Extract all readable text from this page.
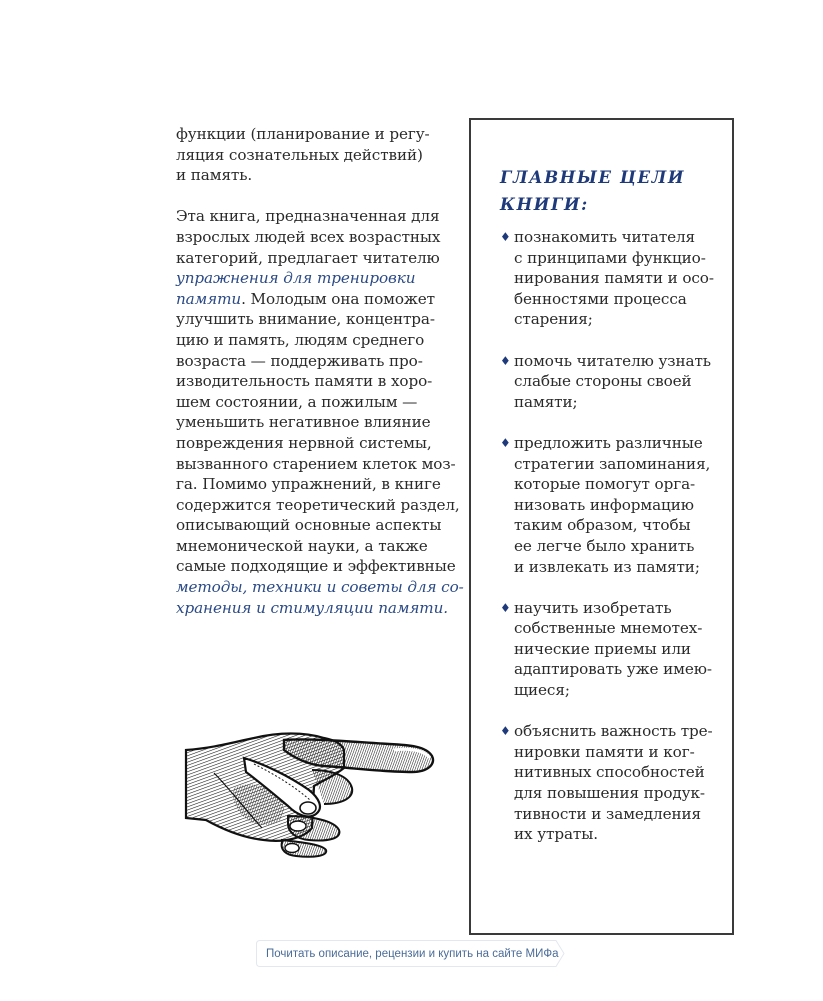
функции (планирование и регу-
ляция сознательных действий)
и память.

Эта книга, предназначенная для
взрослых людей всех возрастных
категорий, предлагает читателю
упражнения для тренировки
памяти. Молодым она поможет
улучшить внимание, концентра-
цию и память, людям среднего
возраста — поддерживать про-
изводительность памяти в хоро-
шем состоянии, а пожилым —
уменьшить негативное влияние
повреждения нервной системы,
вызванного старением клеток моз-
га. Помимо упражнений, в книге
содержится теоретический раздел,
описывающий основные аспекты
мнемонической науки, а также
самые подходящие и эффективные
методы, техники и советы для со-
хранения и стимуляции памяти.

ГЛАВНЫЕ ЦЕЛИ
КНИГИ:
♦ познакомить читателя
с принципами функцио-
нирования памяти и осо-
бенностями процесса
старения;
♦ помочь читателю узнать
слабые стороны своей
памяти;
♦ предложить различные
стратегии запоминания,
которые помогут орга-
низовать информацию
таким образом, чтобы
ее легче было хранить
и извлекать из памяти;
♦ научить изобретать
собственные мнемотех-
нические приемы или
адаптировать уже имею-
щиеся;
♦ объяснить важность тре-
нировки памяти и ког-
нитивных способностей
для повышения продук-
тивности и замедления
их утраты.
Почитать описание, рецензии и купить на сайте МИФа
